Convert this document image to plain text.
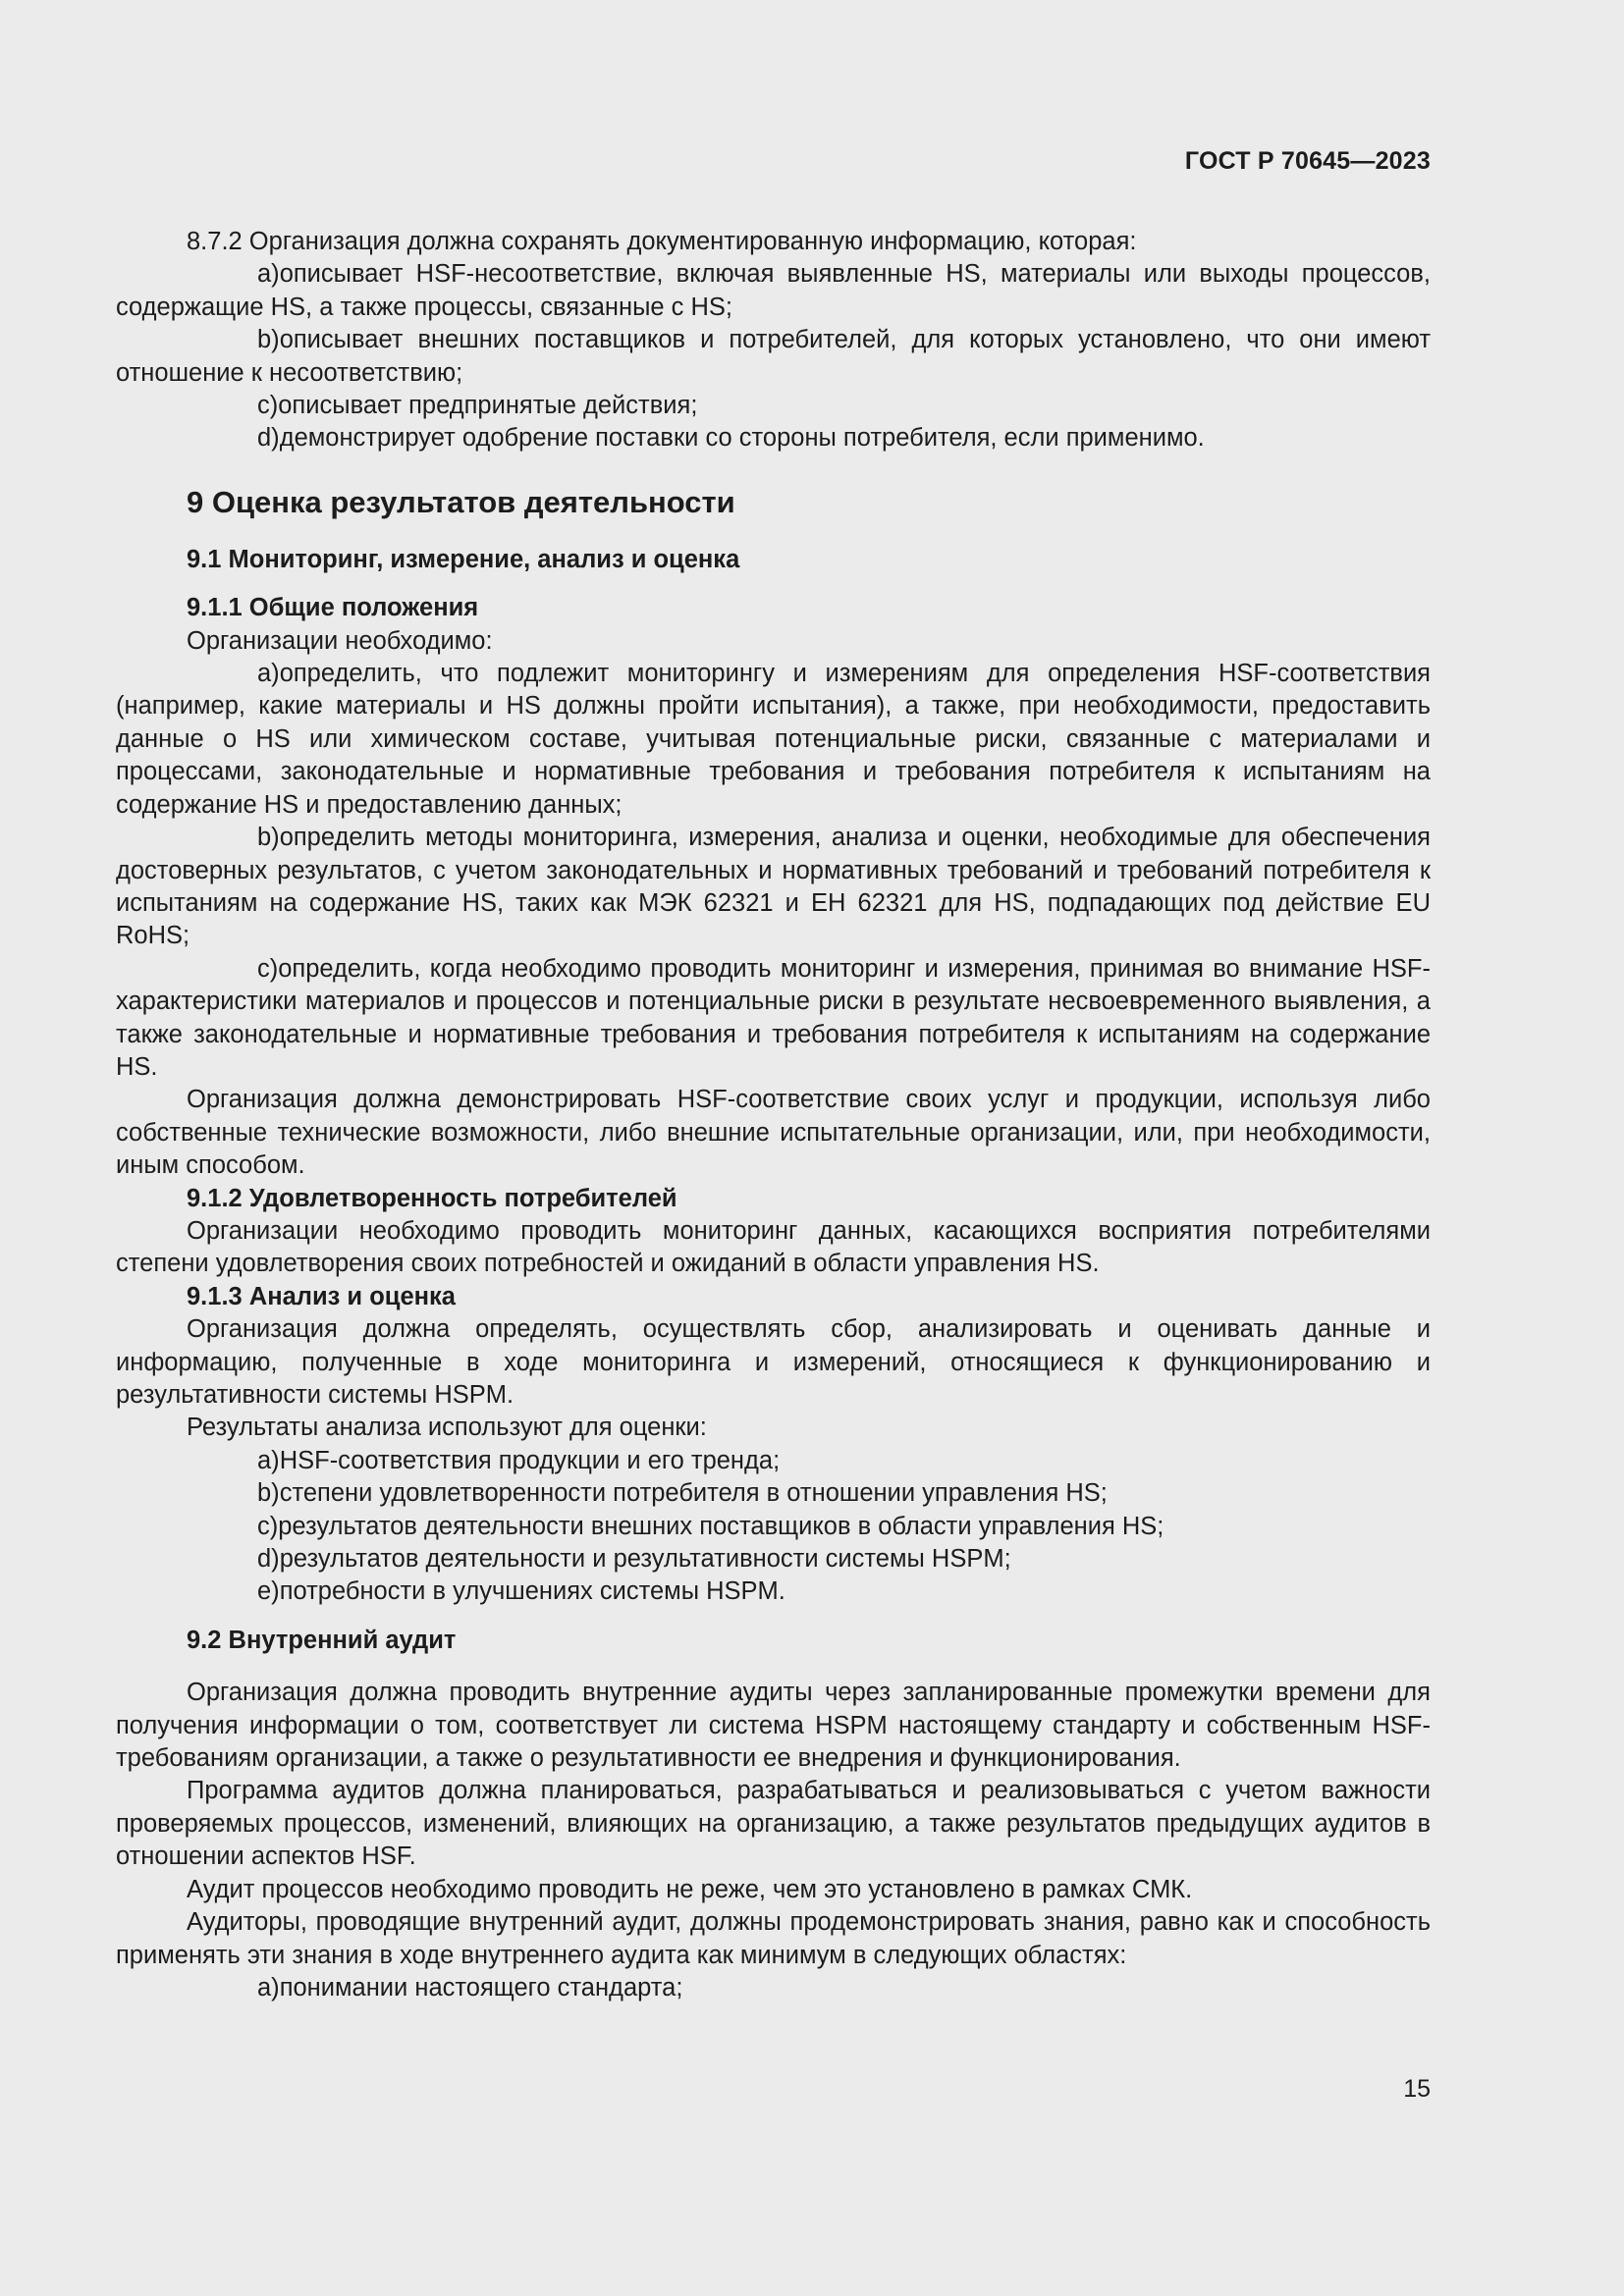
ГОСТ Р 70645—2023

8.7.2 Организация должна сохранять документированную информацию, которая:

a)описывает HSF-несоответствие, включая выявленные HS, материалы или выходы процессов, содержащие HS, а также процессы, связанные с HS;

b)описывает внешних поставщиков и потребителей, для которых установлено, что они имеют отношение к несоответствию;

c)описывает предпринятые действия;

d)демонстрирует одобрение поставки со стороны потребителя, если применимо.

9 Оценка результатов деятельности
9.1 Мониторинг, измерение, анализ и оценка
9.1.1 Общие положения

Организации необходимо:

a)определить, что подлежит мониторингу и измерениям для определения HSF-соответствия (например, какие материалы и HS должны пройти испытания), а также, при необходимости, предоставить данные о HS или химическом составе, учитывая потенциальные риски, связанные с материалами и процессами, законодательные и нормативные требования и требования потребителя к испытаниям на содержание HS и предоставлению данных;

b)определить методы мониторинга, измерения, анализа и оценки, необходимые для обеспечения достоверных результатов, с учетом законодательных и нормативных требований и требований потребителя к испытаниям на содержание HS, таких как МЭК 62321 и ЕН 62321 для HS, подпадающих под действие EU RoHS;

c)определить, когда необходимо проводить мониторинг и измерения, принимая во внимание HSF-характеристики материалов и процессов и потенциальные риски в результате несвоевременного выявления, а также законодательные и нормативные требования и требования потребителя к испытаниям на содержание HS.

Организация должна демонстрировать HSF-соответствие своих услуг и продукции, используя либо собственные технические возможности, либо внешние испытательные организации, или, при необходимости, иным способом.

9.1.2 Удовлетворенность потребителей

Организации необходимо проводить мониторинг данных, касающихся восприятия потребителями степени удовлетворения своих потребностей и ожиданий в области управления HS.

9.1.3 Анализ и оценка

Организация должна определять, осуществлять сбор, анализировать и оценивать данные и информацию, полученные в ходе мониторинга и измерений, относящиеся к функционированию и результативности системы HSPM.

Результаты анализа используют для оценки:

a)HSF-соответствия продукции и его тренда;

b)степени удовлетворенности потребителя в отношении управления HS;

c)результатов деятельности внешних поставщиков в области управления HS;

d)результатов деятельности и результативности системы HSPM;

e)потребности в улучшениях системы HSPM.

9.2 Внутренний аудит

Организация должна проводить внутренние аудиты через запланированные промежутки времени для получения информации о том, соответствует ли система HSPM настоящему стандарту и собственным HSF-требованиям организации, а также о результативности ее внедрения и функционирования.

Программа аудитов должна планироваться, разрабатываться и реализовываться с учетом важности проверяемых процессов, изменений, влияющих на организацию, а также результатов предыдущих аудитов в отношении аспектов HSF.

Аудит процессов необходимо проводить не реже, чем это установлено в рамках СМК.

Аудиторы, проводящие внутренний аудит, должны продемонстрировать знания, равно как и способность применять эти знания в ходе внутреннего аудита как минимум в следующих областях:

a)понимании настоящего стандарта;

15
